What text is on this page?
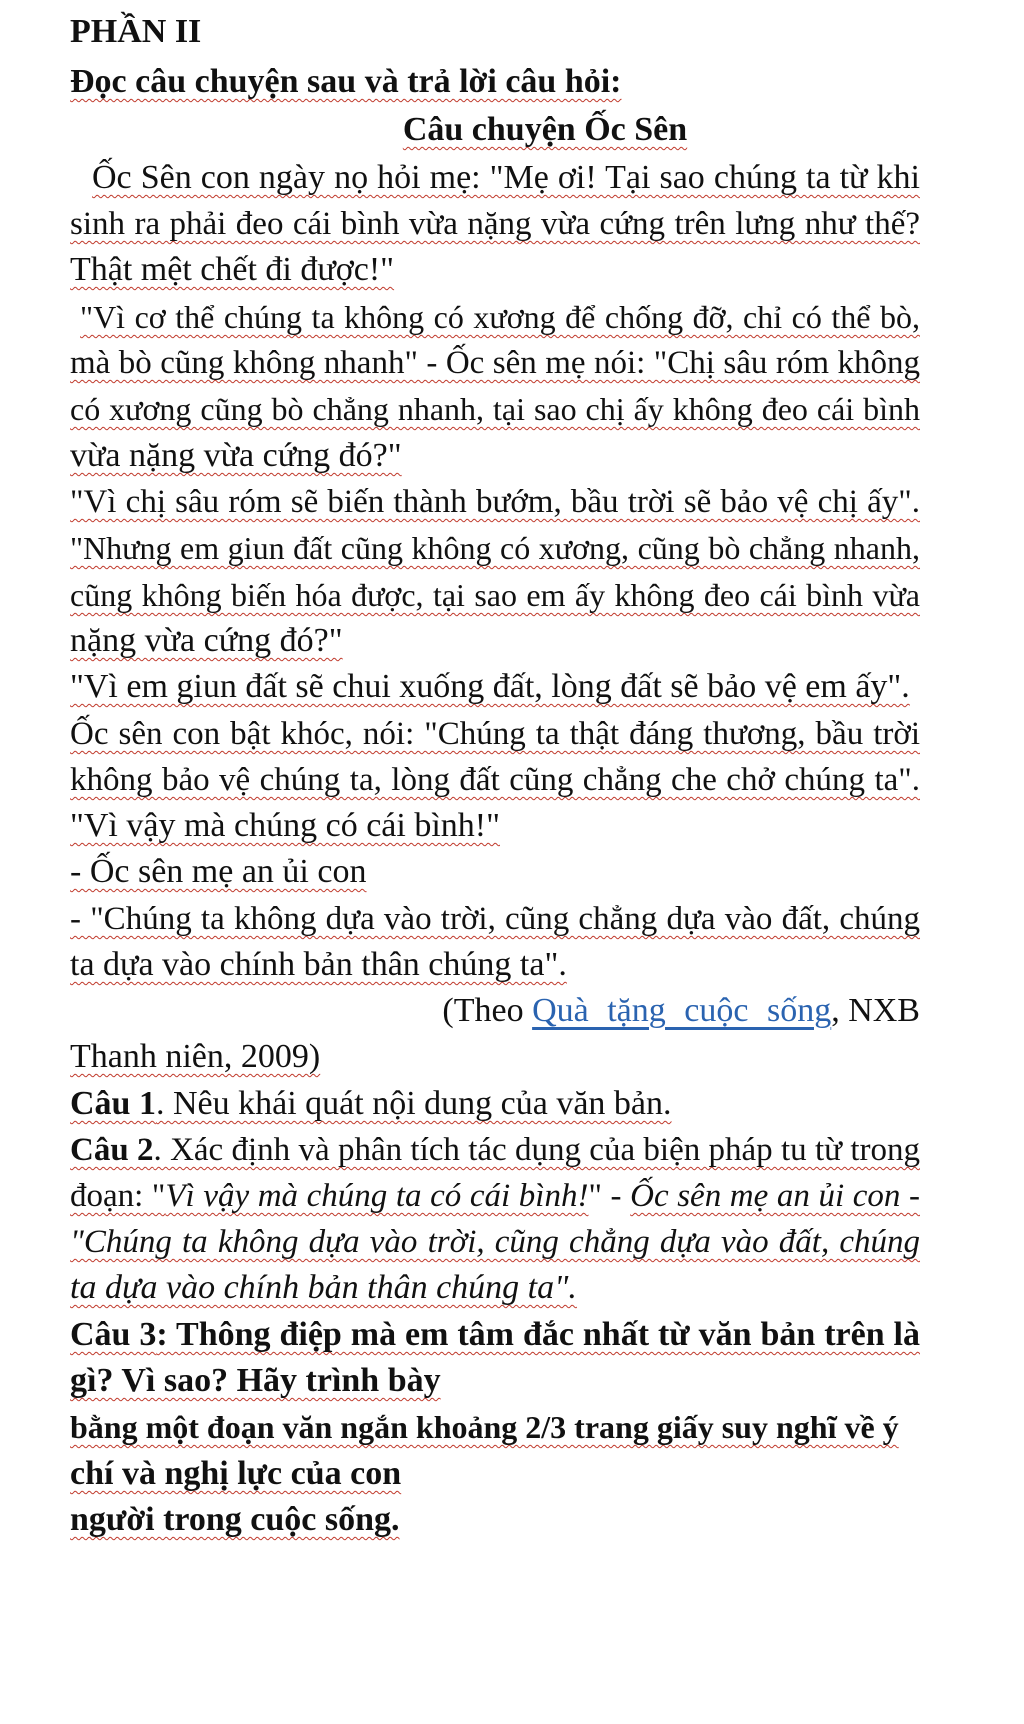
PHẦN II
Đọc câu chuyện sau và trả lời câu hỏi:
Câu chuyện Ốc Sên
Ốc Sên con ngày nọ hỏi mẹ: "Mẹ ơi! Tại sao chúng ta từ khi
sinh ra phải đeo cái bình vừa nặng vừa cứng trên lưng như thế?
Thật mệt chết đi được!"
"Vì cơ thể chúng ta không có xương để chống đỡ, chỉ có thể bò,
mà bò cũng không nhanh" - Ốc sên mẹ nói: "Chị sâu róm không
có xương cũng bò chẳng nhanh, tại sao chị ấy không đeo cái bình
vừa nặng vừa cứng đó?"
"Vì chị sâu róm sẽ biến thành bướm, bầu trời sẽ bảo vệ chị ấy".
"Nhưng em giun đất cũng không có xương, cũng bò chẳng nhanh,
cũng không biến hóa được, tại sao em ấy không đeo cái bình vừa
nặng vừa cứng đó?"
"Vì em giun đất sẽ chui xuống đất, lòng đất sẽ bảo vệ em ấy".
Ốc sên con bật khóc, nói: "Chúng ta thật đáng thương, bầu trời
không bảo vệ chúng ta, lòng đất cũng chẳng che chở chúng ta".
"Vì vậy mà chúng có cái bình!"
- Ốc sên mẹ an ủi con
- "Chúng ta không dựa vào trời, cũng chẳng dựa vào đất, chúng
ta dựa vào chính bản thân chúng ta".
(Theo Quà tặng cuộc sống, NXB
Thanh niên, 2009)
Câu 1. Nêu khái quát nội dung của văn bản.
Câu 2. Xác định và phân tích tác dụng của biện pháp tu từ trong
đoạn: "Vì vậy mà chúng ta có cái bình!" - Ốc sên mẹ an ủi con -
"Chúng ta không dựa vào trời, cũng chẳng dựa vào đất, chúng
ta dựa vào chính bản thân chúng ta".
Câu 3: Thông điệp mà em tâm đắc nhất từ văn bản trên là
gì? Vì sao? Hãy trình bày
bằng một đoạn văn ngắn khoảng 2/3 trang giấy suy nghĩ về ý
chí và nghị lực của con
người trong cuộc sống.
